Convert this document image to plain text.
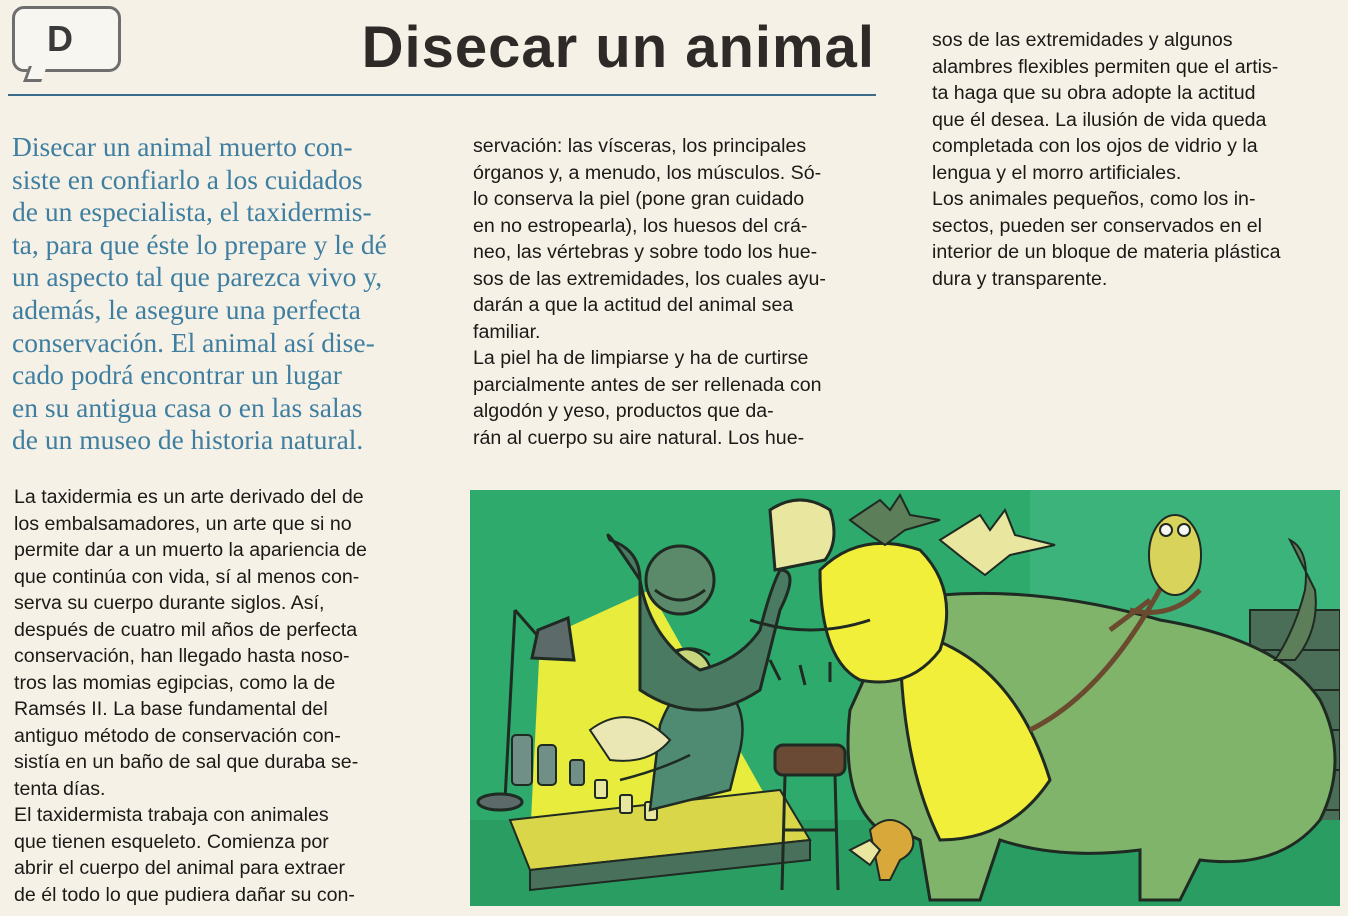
D	Disecar un animal
Disecar un animal muerto con-
siste en confiarlo a los cuidados
de un especialista, el taxidermis-
ta, para que éste lo prepare y le dé
un aspecto tal que parezca vivo y,
además, le asegure una perfecta
conservación. El animal así dise-
cado podrá encontrar un lugar
en su antigua casa o en las salas
de un museo de historia natural.
La taxidermia es un arte derivado del de
los embalsamadores, un arte que si no
permite dar a un muerto la apariencia de
que continúa con vida, sí al menos con-
serva su cuerpo durante siglos. Así,
después de cuatro mil años de perfecta
conservación, han llegado hasta noso-
tros las momias egipcias, como la de
Ramsés II. La base fundamental del
antiguo método de conservación con-
sistía en un baño de sal que duraba se-
tenta días.
El taxidermista trabaja con animales
que tienen esqueleto. Comienza por
abrir el cuerpo del animal para extraer
de él todo lo que pudiera dañar su con-
servación: las vísceras, los principales
órganos y, a menudo, los músculos. Só-
lo conserva la piel (pone gran cuidado
en no estropearla), los huesos del crá-
neo, las vértebras y sobre todo los hue-
sos de las extremidades, los cuales ayu-
darán a que la actitud del animal sea
familiar.
La piel ha de limpiarse y ha de curtirse
parcialmente antes de ser rellenada con
algodón y yeso, productos que da-
rán al cuerpo su aire natural. Los hue-
sos de las extremidades y algunos
alambres flexibles permiten que el artis-
ta haga que su obra adopte la actitud
que él desea. La ilusión de vida queda
completada con los ojos de vidrio y la
lengua y el morro artificiales.
Los animales pequeños, como los in-
sectos, pueden ser conservados en el
interior de un bloque de materia plástica
dura y transparente.
